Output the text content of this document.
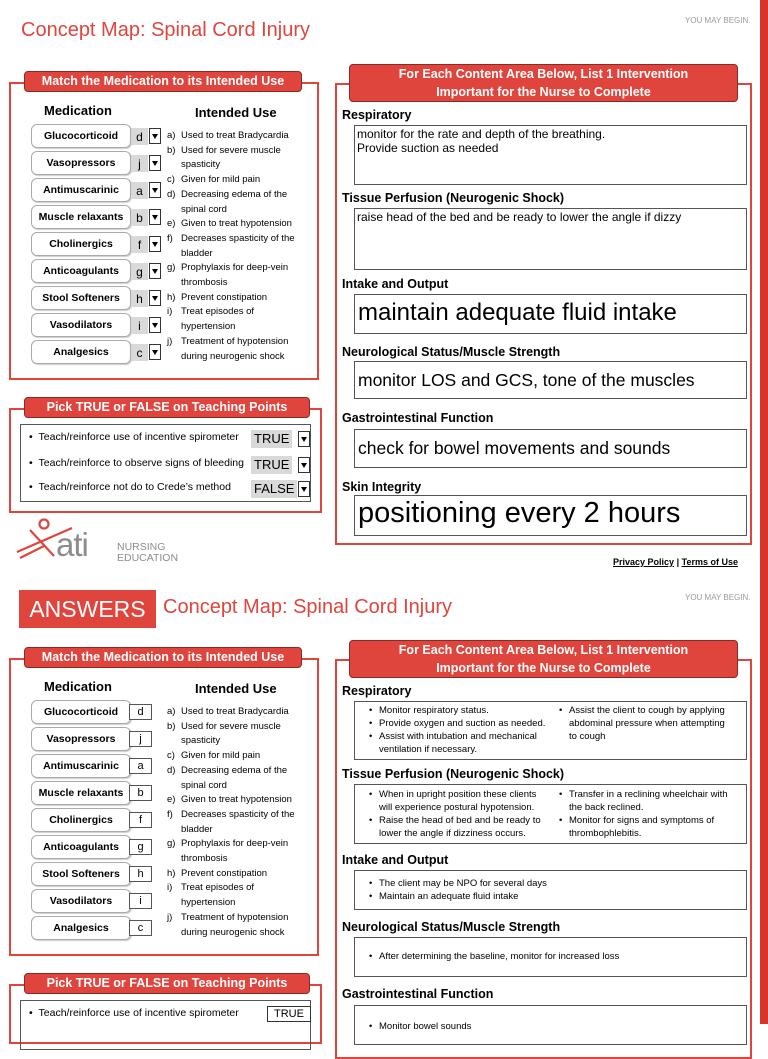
Concept Map: Spinal Cord Injury	YOU MAY BEGIN.
Medication	Intended Use
Glucocorticoid	d
Vasopressors	j
Antimuscarinic	a
Muscle relaxants	b
Cholinergics	f
Anticoagulants	g
Stool Softeners	h
Vasodilators	i
Analgesics	c
a) Used to treat Bradycardia
b) Used for severe muscle
spasticity
c) Given for mild pain
d) Decreasing edema of the
spinal cord
e) Given to treat hypotension
f) Decreases spasticity of the
bladder
g) Prophylaxis for deep-vein
thrombosis
h) Prevent constipation
i) Treat episodes of
hypertension
j) Treatment of hypotension
during neurogenic shock
Match the Medication to its Intended Use
• Teach/reinforce use of incentive spirometer TRUE
• Teach/reinforce to observe signs of bleeding TRUE
• Teach/reinforce not do to Crede’s method FALSE
Pick TRUE or FALSE on Teaching Points
ati	NURSING
EDUCATION
Respiratory
monitor for the rate and depth of the breathing.
Provide suction as needed
Tissue Perfusion (Neurogenic Shock)
raise head of the bed and be ready to lower the angle if dizzy
Intake and Output
maintain adequate fluid intake
Neurological Status/Muscle Strength
monitor LOS and GCS, tone of the muscles
Gastrointestinal Function
check for bowel movements and sounds
Skin Integrity
positioning every 2 hours
For Each Content Area Below, List 1 Intervention
Important for the Nurse to Complete
Privacy Policy | Terms of Use
ANSWERS Concept Map: Spinal Cord Injury	YOU MAY BEGIN.
Medication	Intended Use
Glucocorticoid	d
Vasopressors	j
Antimuscarinic	a
Muscle relaxants	b
Cholinergics	f
Anticoagulants	g
Stool Softeners	h
Vasodilators	i
Analgesics	c
a) Used to treat Bradycardia
b) Used for severe muscle
spasticity
c) Given for mild pain
d) Decreasing edema of the
spinal cord
e) Given to treat hypotension
f) Decreases spasticity of the
bladder
g) Prophylaxis for deep-vein
thrombosis
h) Prevent constipation
i) Treat episodes of
hypertension
j) Treatment of hypotension
during neurogenic shock
Match the Medication to its Intended Use
• Teach/reinforce use of incentive spirometer	TRUE
Pick TRUE or FALSE on Teaching Points
Respiratory
• Monitor respiratory status.
• Provide oxygen and suction as needed.
• Assist with intubation and mechanical
ventilation if necessary.
• Assist the client to cough by applying
abdominal pressure when attempting
to cough
Tissue Perfusion (Neurogenic Shock)
• When in upright position these clients
will experience postural hypotension.
• Raise the head of bed and be ready to
lower the angle if dizziness occurs.
• Transfer in a reclining wheelchair with
the back reclined.
• Monitor for signs and symptoms of
thrombophlebitis.
Intake and Output
• The client may be NPO for several days
• Maintain an adequate fluid intake
Neurological Status/Muscle Strength
• After determining the baseline, monitor for increased loss
Gastrointestinal Function
• Monitor bowel sounds
For Each Content Area Below, List 1 Intervention
Important for the Nurse to Complete
